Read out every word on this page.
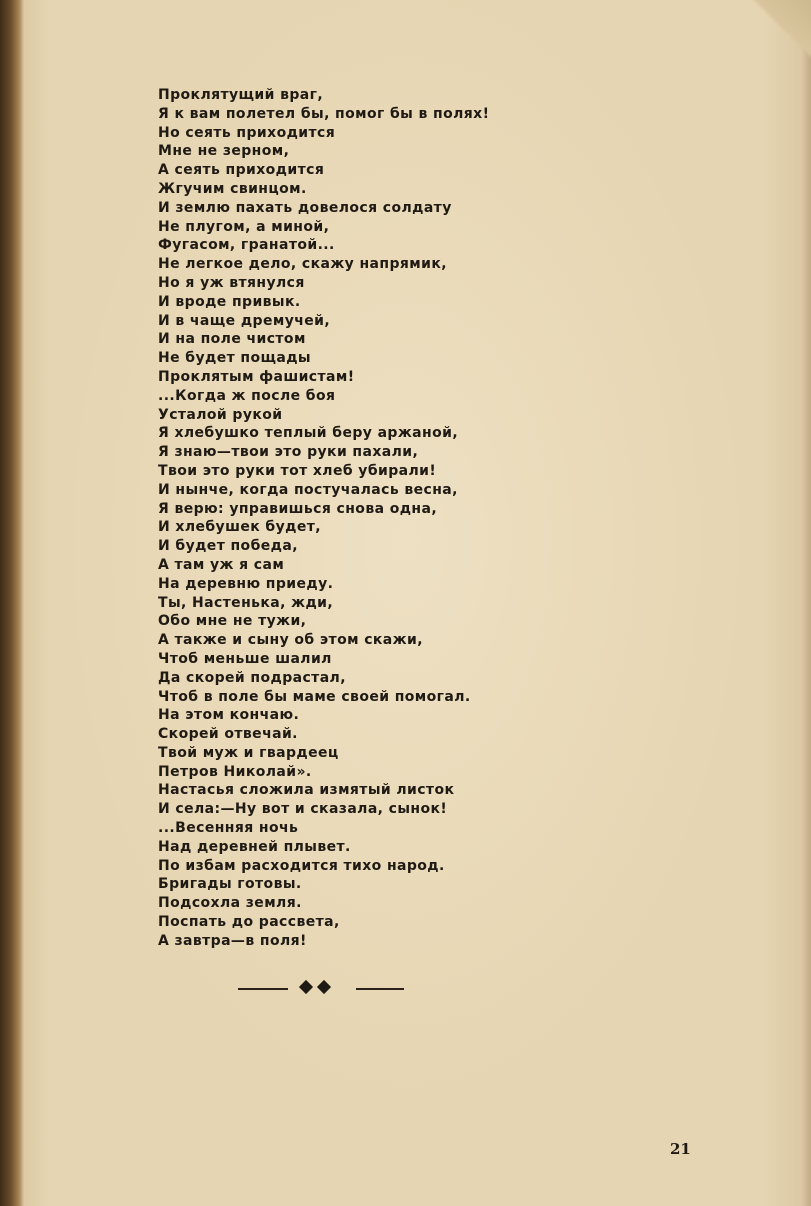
Проклятущий враг,
Я к вам полетел бы, помог бы в полях!
Но сеять приходится
Мне не зерном,
А сеять приходится
Жгучим свинцом.
И землю пахать довелося солдату
Не плугом, а миной,
Фугасом, гранатой...
Не легкое дело, скажу напрямик,
Но я уж втянулся
И вроде привык.
И в чаще дремучей,
И на поле чистом
Не будет пощады
Проклятым фашистам!
...Когда ж после боя
Усталой рукой
Я хлебушко теплый беру аржаной,
Я знаю—твои это руки пахали,
Твои это руки тот хлеб убирали!
И нынче, когда постучалась весна,
Я верю: управишься снова одна,
И хлебушек будет,
И будет победа,
А там уж я сам
На деревню приеду.
Ты, Настенька, жди,
Обо мне не тужи,
А также и сыну об этом скажи,
Чтоб меньше шалил
Да скорей подрастал,
Чтоб в поле бы маме своей помогал.
На этом кончаю.
Скорей отвечай.
Твой муж и гвардеец
Петров Николай».
Настасья сложила измятый листок
И села:—Ну вот и сказала, сынок!
...Весенняя ночь
Над деревней плывет.
По избам расходится тихо народ.
Бригады готовы.
Подсохла земля.
Поспать до рассвета,
А завтра—в поля!
21
